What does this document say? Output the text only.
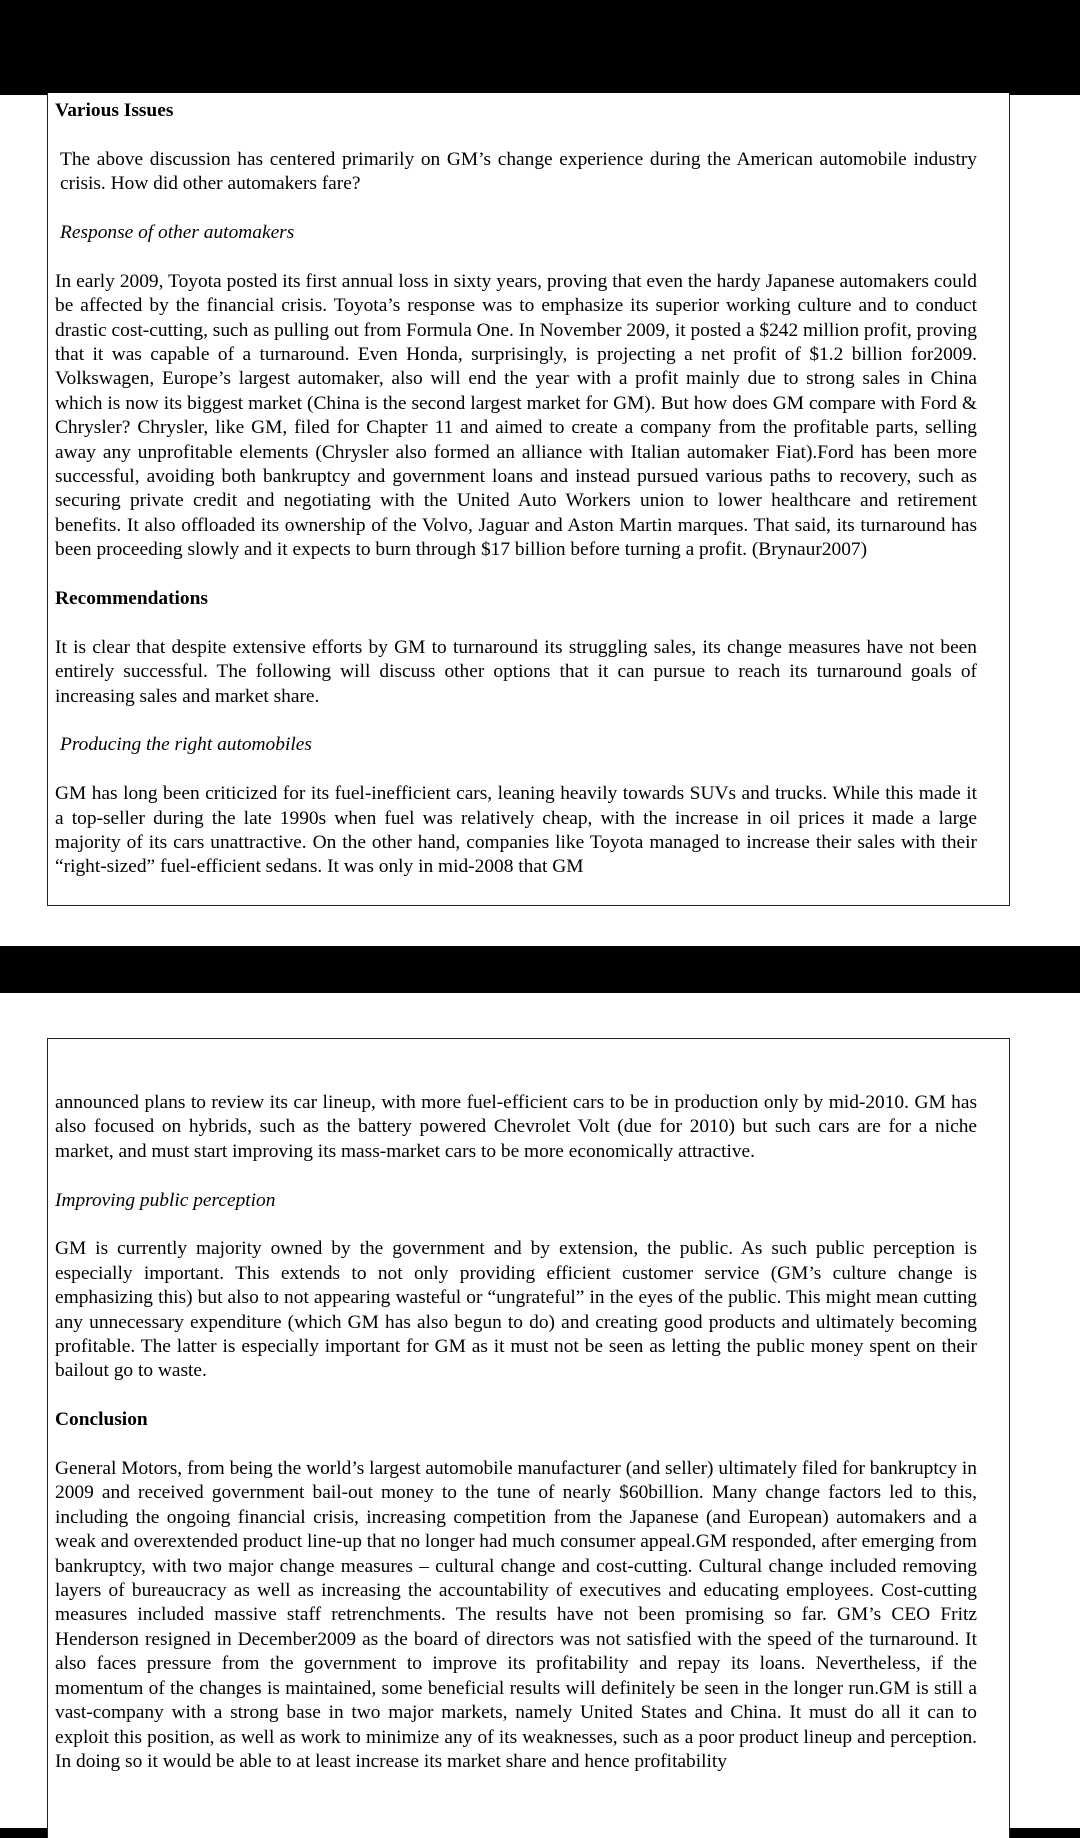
Various Issues

The above discussion has centered primarily on GM’s change experience during the American automobile industry crisis. How did other automakers fare?

Response of other automakers

In early 2009, Toyota posted its first annual loss in sixty years, proving that even the hardy Japanese automakers could be affected by the financial crisis. Toyota’s response was to emphasize its superior working culture and to conduct drastic cost-cutting, such as pulling out from Formula One. In November 2009, it posted a $242 million profit, proving that it was capable of a turnaround. Even Honda, surprisingly, is projecting a net profit of $1.2 billion for2009. Volkswagen, Europe’s largest automaker, also will end the year with a profit mainly due to strong sales in China which is now its biggest market (China is the second largest market for GM). But how does GM compare with Ford & Chrysler? Chrysler, like GM, filed for Chapter 11 and aimed to create a company from the profitable parts, selling away any unprofitable elements (Chrysler also formed an alliance with Italian automaker Fiat).Ford has been more successful, avoiding both bankruptcy and government loans and instead pursued various paths to recovery, such as securing private credit and negotiating with the United Auto Workers union to lower healthcare and retirement benefits. It also offloaded its ownership of the Volvo, Jaguar and Aston Martin marques. That said, its turnaround has been proceeding slowly and it expects to burn through $17 billion before turning a profit. (Brynaur2007)

Recommendations

It is clear that despite extensive efforts by GM to turnaround its struggling sales, its change measures have not been entirely successful. The following will discuss other options that it can pursue to reach its turnaround goals of increasing sales and market share.

Producing the right automobiles

GM has long been criticized for its fuel-inefficient cars, leaning heavily towards SUVs and trucks. While this made it a top-seller during the late 1990s when fuel was relatively cheap, with the increase in oil prices it made a large majority of its cars unattractive. On the other hand, companies like Toyota managed to increase their sales with their “right-sized” fuel-efficient sedans. It was only in mid-2008 that GM

announced plans to review its car lineup, with more fuel-efficient cars to be in production only by mid-2010. GM has also focused on hybrids, such as the battery powered Chevrolet Volt (due for 2010) but such cars are for a niche market, and must start improving its mass-market cars to be more economically attractive.

Improving public perception

GM is currently majority owned by the government and by extension, the public. As such public perception is especially important. This extends to not only providing efficient customer service (GM’s culture change is emphasizing this) but also to not appearing wasteful or “ungrateful” in the eyes of the public. This might mean cutting any unnecessary expenditure (which GM has also begun to do) and creating good products and ultimately becoming profitable. The latter is especially important for GM as it must not be seen as letting the public money spent on their bailout go to waste.

Conclusion

General Motors, from being the world’s largest automobile manufacturer (and seller) ultimately filed for bankruptcy in 2009 and received government bail-out money to the tune of nearly $60billion. Many change factors led to this, including the ongoing financial crisis, increasing competition from the Japanese (and European) automakers and a weak and overextended product line-up that no longer had much consumer appeal.GM responded, after emerging from bankruptcy, with two major change measures – cultural change and cost-cutting. Cultural change included removing layers of bureaucracy as well as increasing the accountability of executives and educating employees. Cost-cutting measures included massive staff retrenchments. The results have not been promising so far. GM’s CEO Fritz Henderson resigned in December2009 as the board of directors was not satisfied with the speed of the turnaround. It also faces pressure from the government to improve its profitability and repay its loans. Nevertheless, if the momentum of the changes is maintained, some beneficial results will definitely be seen in the longer run.GM is still a vast-company with a strong base in two major markets, namely United States and China. It must do all it can to exploit this position, as well as work to minimize any of its weaknesses, such as a poor product lineup and perception. In doing so it would be able to at least increase its market share and hence profitability
